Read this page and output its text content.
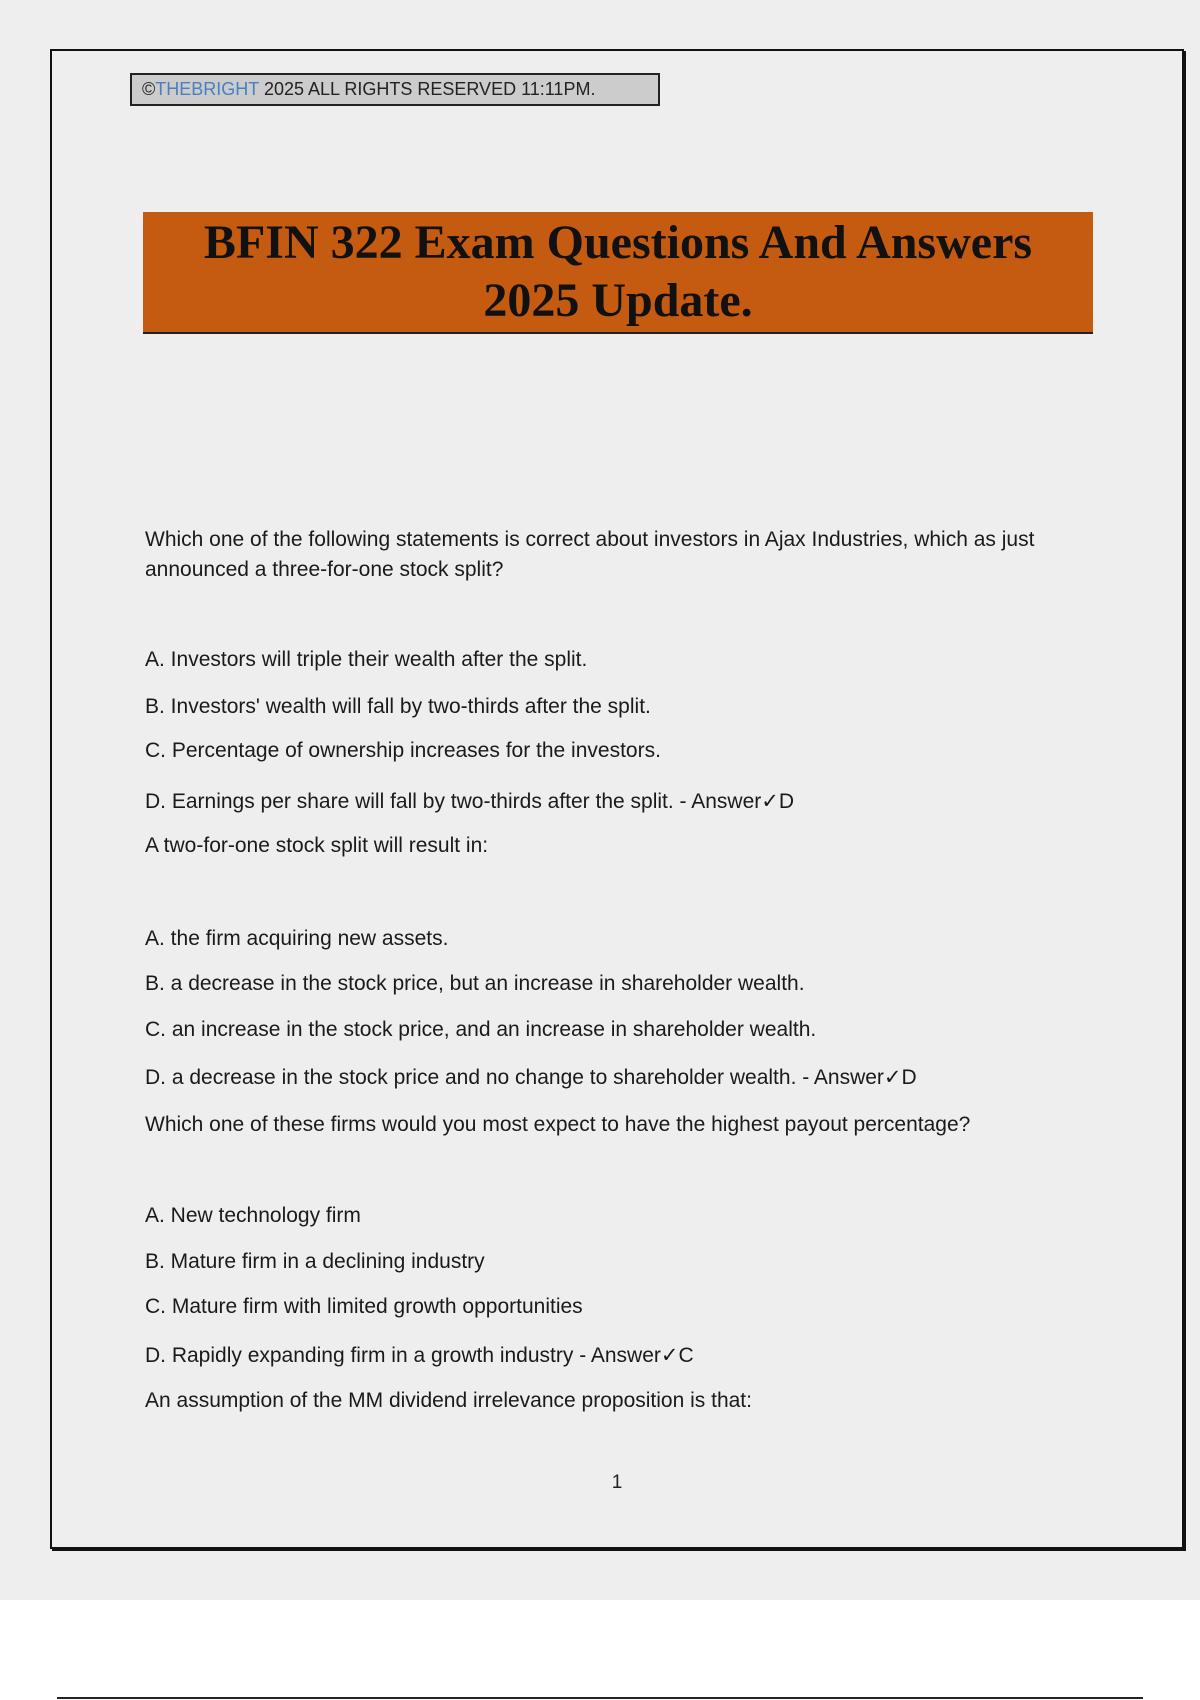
©THEBRIGHT 2025 ALL RIGHTS RESERVED 11:11PM.
BFIN 322 Exam Questions And Answers
2025 Update.
Which one of the following statements is correct about investors in Ajax Industries, which as just announced a three-for-one stock split?
A. Investors will triple their wealth after the split.
B. Investors' wealth will fall by two-thirds after the split.
C. Percentage of ownership increases for the investors.
D. Earnings per share will fall by two-thirds after the split. - Answer✓D
A two-for-one stock split will result in:
A. the firm acquiring new assets.
B. a decrease in the stock price, but an increase in shareholder wealth.
C. an increase in the stock price, and an increase in shareholder wealth.
D. a decrease in the stock price and no change to shareholder wealth. - Answer✓D
Which one of these firms would you most expect to have the highest payout percentage?
A. New technology firm
B. Mature firm in a declining industry
C. Mature firm with limited growth opportunities
D. Rapidly expanding firm in a growth industry - Answer✓C
An assumption of the MM dividend irrelevance proposition is that:
1
